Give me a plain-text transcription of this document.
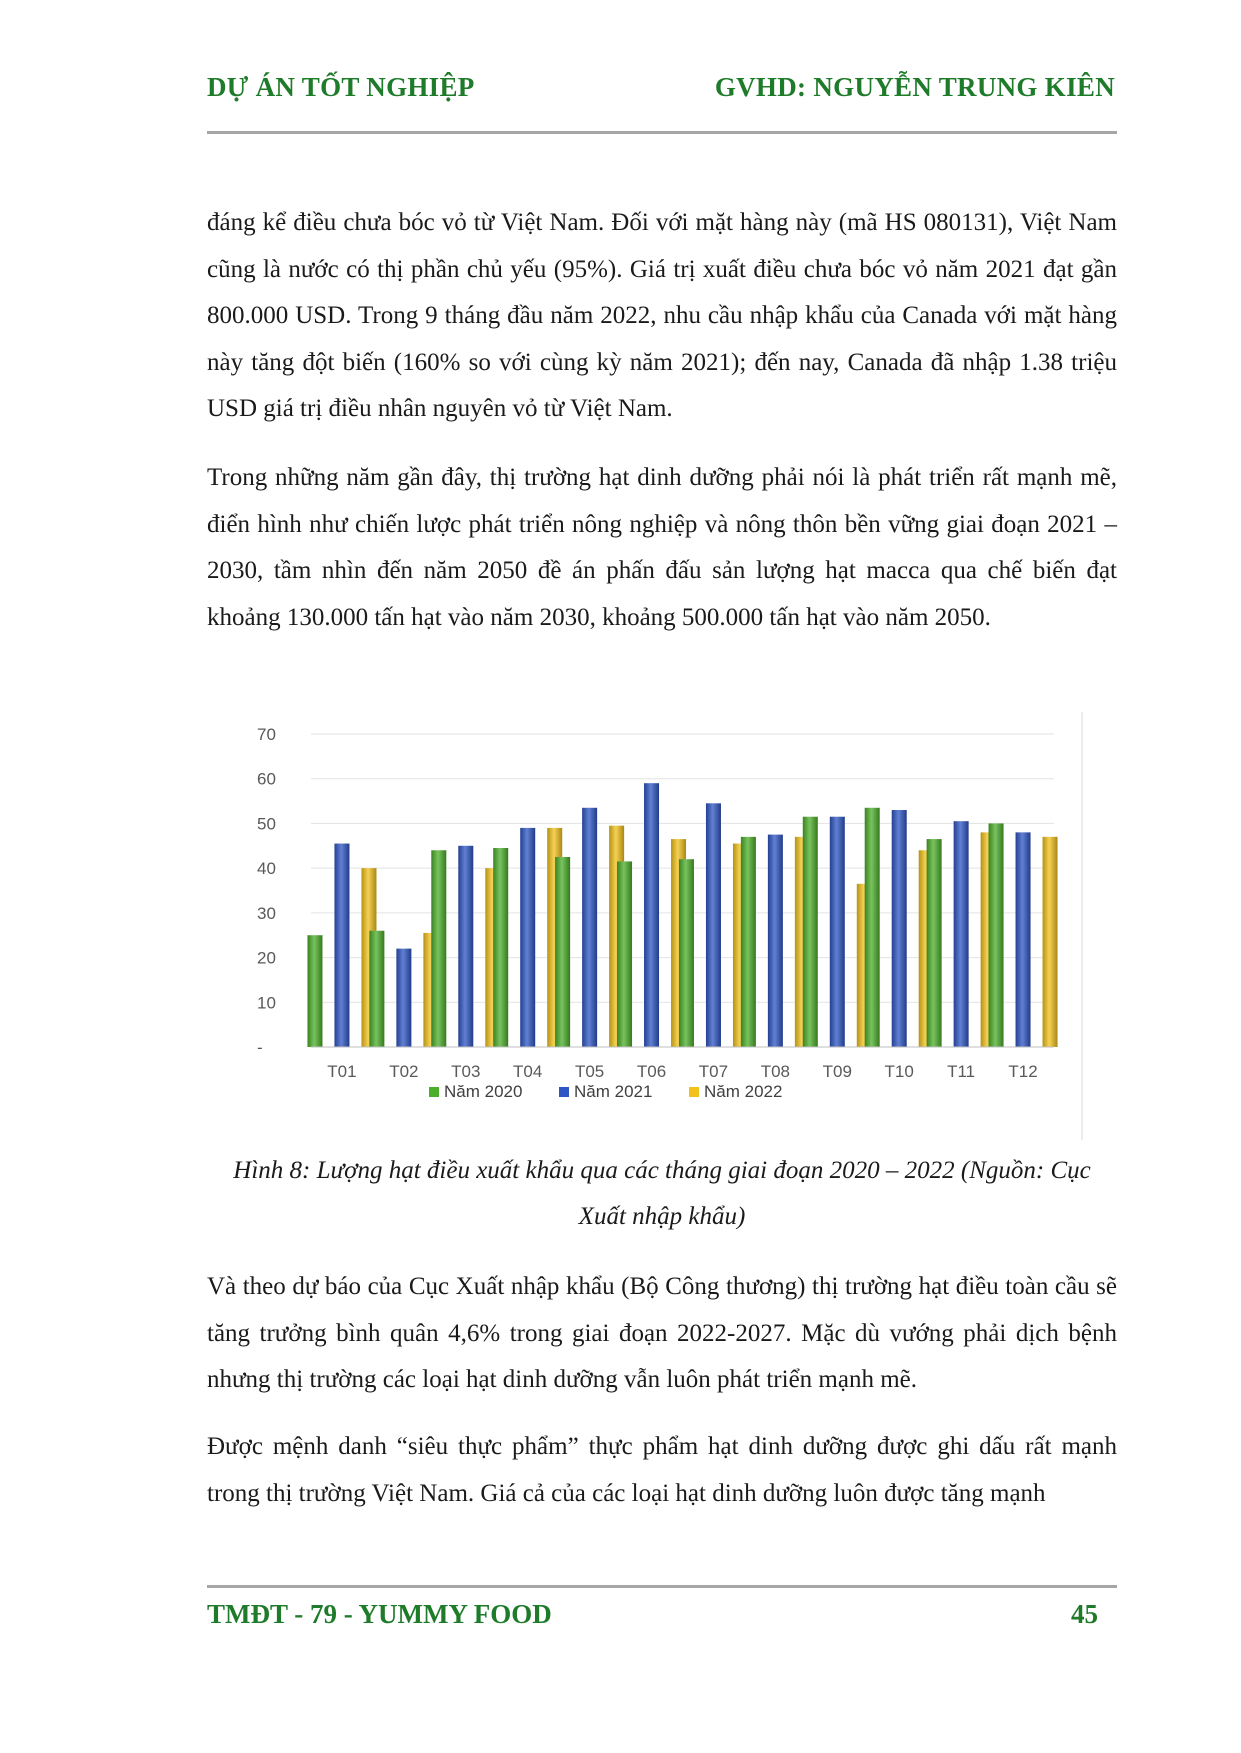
DỰ ÁN TỐT NGHIỆP	GVHD: NGUYỄN TRUNG KIÊN

đáng kể điều chưa bóc vỏ từ Việt Nam. Đối với mặt hàng này (mã HS 080131), Việt Nam cũng là nước có thị phần chủ yếu (95%). Giá trị xuất điều chưa bóc vỏ năm 2021 đạt gần 800.000 USD. Trong 9 tháng đầu năm 2022, nhu cầu nhập khẩu của Canada với mặt hàng này tăng đột biến (160% so với cùng kỳ năm 2021); đến nay, Canada đã nhập 1.38 triệu USD giá trị điều nhân nguyên vỏ từ Việt Nam.

Trong những năm gần đây, thị trường hạt dinh dưỡng phải nói là phát triển rất mạnh mẽ, điển hình như chiến lược phát triển nông nghiệp và nông thôn bền vững giai đoạn 2021 – 2030, tầm nhìn đến năm 2050 đề án phấn đấu sản lượng hạt macca qua chế biến đạt khoảng 130.000 tấn hạt vào năm 2030, khoảng 500.000 tấn hạt vào năm 2050.

-
10
20
30
40
50
60
70
T01 T02 T03 T04 T05 T06 T07 T08 T09 T10 T11 T12
Năm 2020	Năm 2021	Năm 2022

Hình 8: Lượng hạt điều xuất khẩu qua các tháng giai đoạn 2020 – 2022 (Nguồn: Cục Xuất nhập khẩu)

Và theo dự báo của Cục Xuất nhập khẩu (Bộ Công thương) thị trường hạt điều toàn cầu sẽ tăng trưởng bình quân 4,6% trong giai đoạn 2022-2027. Mặc dù vướng phải dịch bệnh nhưng thị trường các loại hạt dinh dưỡng vẫn luôn phát triển mạnh mẽ.

Được mệnh danh “siêu thực phẩm” thực phẩm hạt dinh dưỡng được ghi dấu rất mạnh trong thị trường Việt Nam. Giá cả của các loại hạt dinh dưỡng luôn được tăng mạnh

TMĐT - 79 - YUMMY FOOD	45
